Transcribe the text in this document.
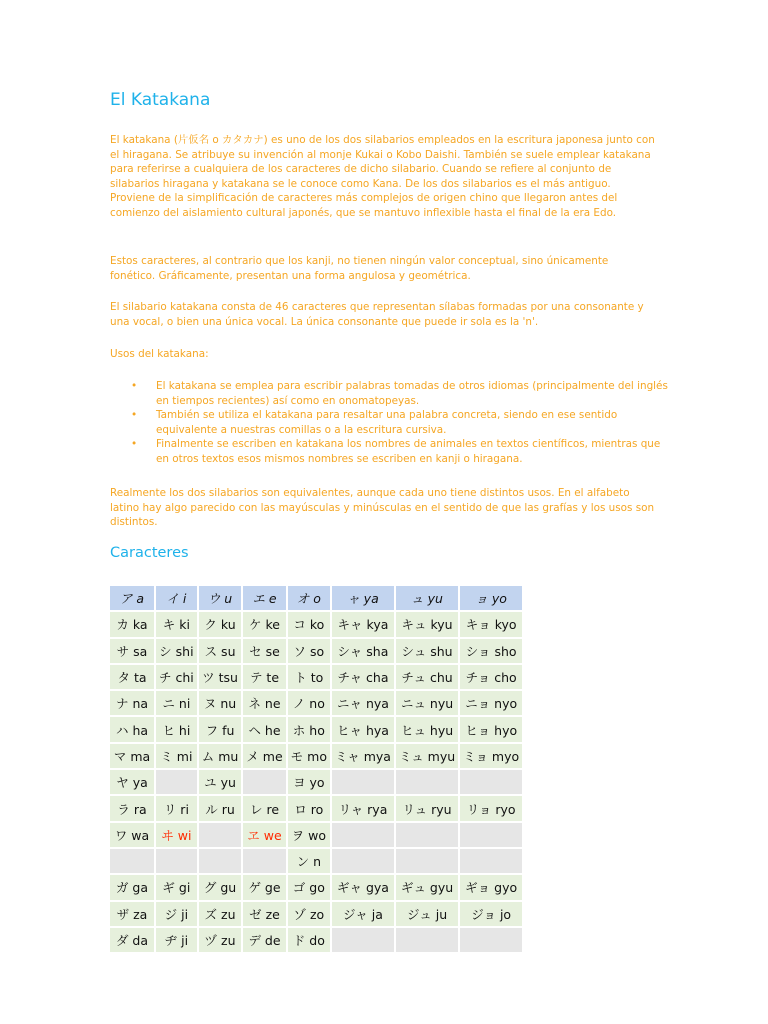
El Katakana

El katakana (片仮名 o カタカナ) es uno de los dos silabarios empleados en la escritura japonesa junto con el hiragana. Se atribuye su invención al monje Kukai o Kobo Daishi. También se suele emplear katakana para referirse a cualquiera de los caracteres de dicho silabario. Cuando se refiere al conjunto de silabarios hiragana y katakana se le conoce como Kana. De los dos silabarios es el más antiguo. Proviene de la simplificación de caracteres más complejos de origen chino que llegaron antes del comienzo del aislamiento cultural japonés, que se mantuvo inflexible hasta el final de la era Edo.

Estos caracteres, al contrario que los kanji, no tienen ningún valor conceptual, sino únicamente fonético. Gráficamente, presentan una forma angulosa y geométrica.

El silabario katakana consta de 46 caracteres que representan sílabas formadas por una consonante y una vocal, o bien una única vocal. La única consonante que puede ir sola es la 'n'.

Usos del katakana:

• El katakana se emplea para escribir palabras tomadas de otros idiomas (principalmente del inglés en tiempos recientes) así como en onomatopeyas.
• También se utiliza el katakana para resaltar una palabra concreta, siendo en ese sentido equivalente a nuestras comillas o a la escritura cursiva.
• Finalmente se escriben en katakana los nombres de animales en textos científicos, mientras que en otros textos esos mismos nombres se escriben en kanji o hiragana.

Realmente los dos silabarios son equivalentes, aunque cada uno tiene distintos usos. En el alfabeto latino hay algo parecido con las mayúsculas y minúsculas en el sentido de que las grafías y los usos son distintos.

Caracteres
ア a	イ i	ウ u	エ e	オ o	ャ ya	ュ yu	ョ yo
カ ka	キ ki	ク ku	ケ ke	コ ko	キャ kya	キュ kyu	キョ kyo
サ sa	シ shi	ス su	セ se	ソ so	シャ sha	シュ shu	ショ sho
タ ta	チ chi	ツ tsu	テ te	ト to	チャ cha	チュ chu	チョ cho
ナ na	ニ ni	ヌ nu	ネ ne	ノ no	ニャ nya	ニュ nyu	ニョ nyo
ハ ha	ヒ hi	フ fu	ヘ he	ホ ho	ヒャ hya	ヒュ hyu	ヒョ hyo
マ ma	ミ mi	ム mu	メ me	モ mo	ミャ mya	ミュ myu	ミョ myo
ヤ ya		ユ yu		ヨ yo			
ラ ra	リ ri	ル ru	レ re	ロ ro	リャ rya	リュ ryu	リョ ryo
ワ wa	ヰ wi		ヱ we	ヲ wo			
				ン n			
ガ ga	ギ gi	グ gu	ゲ ge	ゴ go	ギャ gya	ギュ gyu	ギョ gyo
ザ za	ジ ji	ズ zu	ゼ ze	ゾ zo	ジャ ja	ジュ ju	ジョ jo
ダ da	ヂ ji	ヅ zu	デ de	ド do			
